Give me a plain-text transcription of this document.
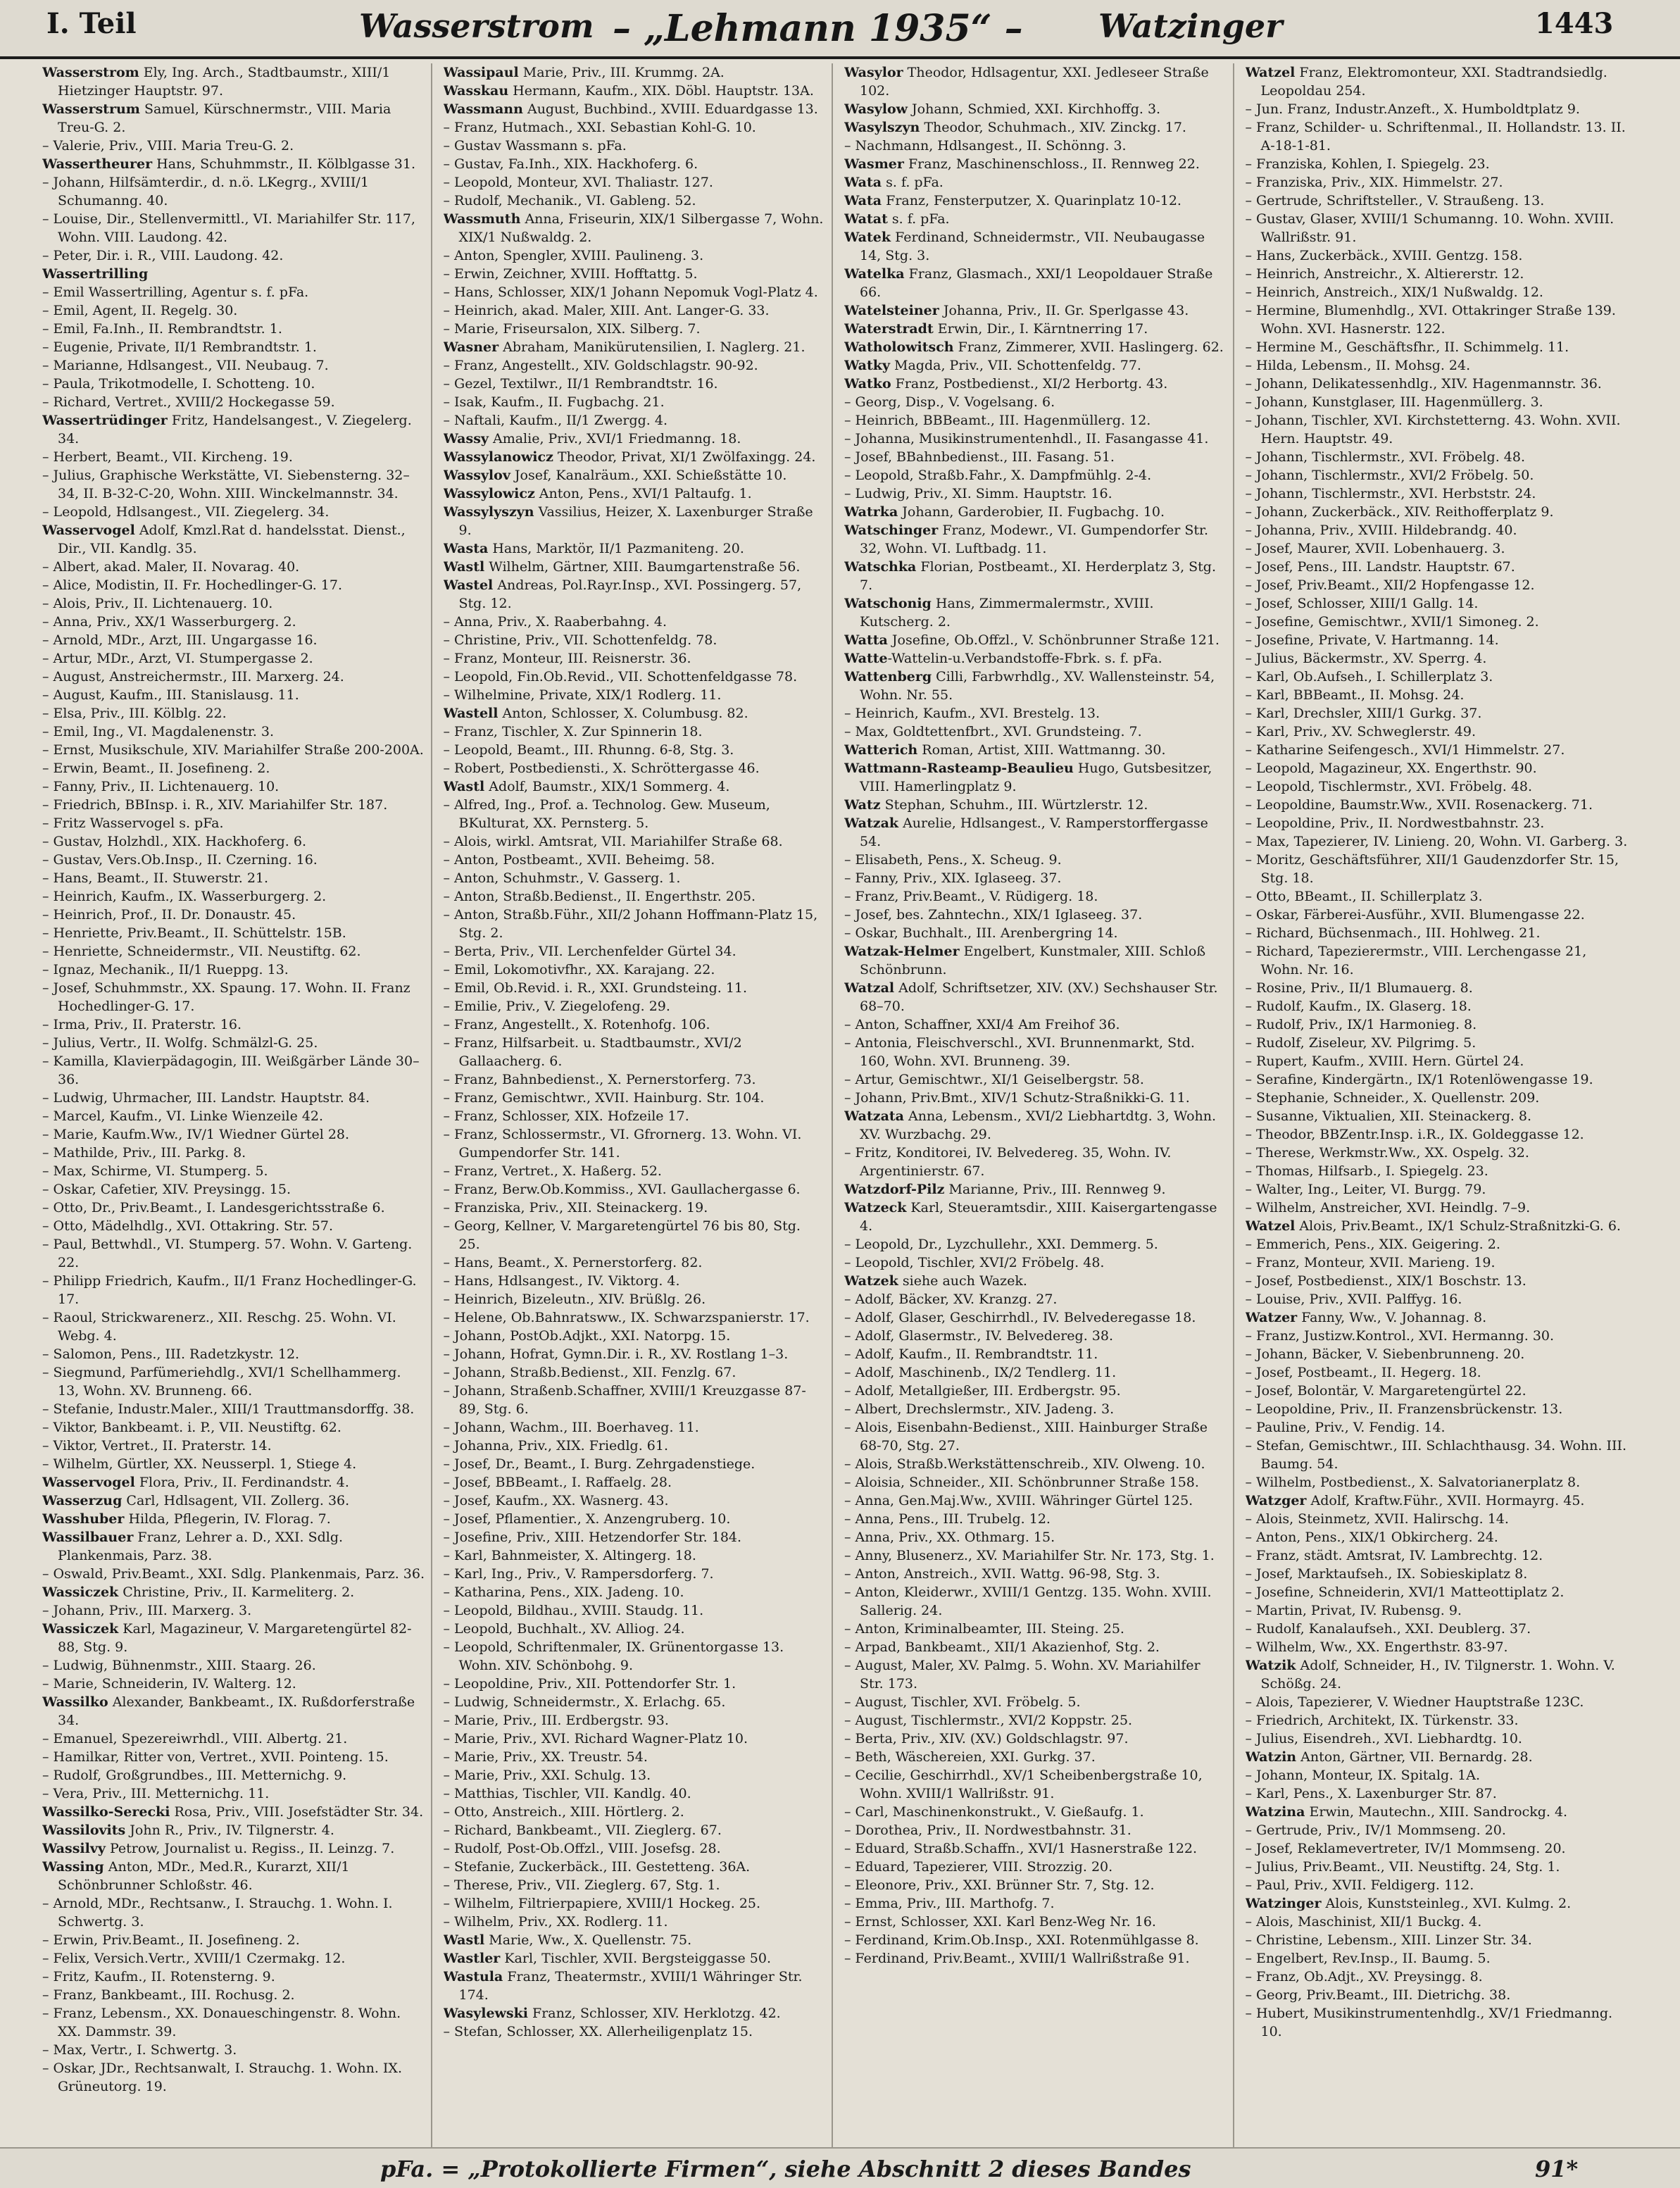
I. Teil	Wasserstrom – „Lehmann 1935“ – Watzinger	1443

Wasserstrom Ely, Ing. Arch., Stadtbaumstr., XIII/1 Hietzinger Hauptstr. 97.

Wasserstrum Samuel, Kürschnermstr., VIII. Maria Treu-G. 2.

– Valerie, Priv., VIII. Maria Treu-G. 2.

Wassertheurer Hans, Schuhmmstr., II. Kölblgasse 31.

– Johann, Hilfsämterdir., d. n.ö. LKegrg., XVIII/1 Schumanng. 40.

– Louise, Dir., Stellenvermittl., VI. Mariahilfer Str. 117, Wohn. VIII. Laudong. 42.

– Peter, Dir. i. R., VIII. Laudong. 42.

Wassertrilling

– Emil Wassertrilling, Agentur s. f. pFa.

– Emil, Agent, II. Regelg. 30.

– Emil, Fa.Inh., II. Rembrandtstr. 1.

– Eugenie, Private, II/1 Rembrandtstr. 1.

– Marianne, Hdlsangest., VII. Neubaug. 7.

– Paula, Trikotmodelle, I. Schotteng. 10.

– Richard, Vertret., XVIII/2 Hockegasse 59.

Wassertrüdinger Fritz, Handelsangest., V. Ziegelerg. 34.

– Herbert, Beamt., VII. Kircheng. 19.

– Julius, Graphische Werkstätte, VI. Siebensterng. 32–34, II. B-32-C-20, Wohn. XIII. Winckelmannstr. 34.

– Leopold, Hdlsangest., VII. Ziegelerg. 34.

Wasservogel Adolf, Kmzl.Rat d. handelsstat. Dienst., Dir., VII. Kandlg. 35.

– Albert, akad. Maler, II. Novarag. 40.

– Alice, Modistin, II. Fr. Hochedlinger-G. 17.

– Alois, Priv., II. Lichtenauerg. 10.

– Anna, Priv., XX/1 Wasserburgerg. 2.

– Arnold, MDr., Arzt, III. Ungargasse 16.

– Artur, MDr., Arzt, VI. Stumpergasse 2.

– August, Anstreichermstr., III. Marxerg. 24.

– August, Kaufm., III. Stanislausg. 11.

– Elsa, Priv., III. Kölblg. 22.

– Emil, Ing., VI. Magdalenenstr. 3.

– Ernst, Musikschule, XIV. Mariahilfer Straße 200-200A.

– Erwin, Beamt., II. Josefineng. 2.

– Fanny, Priv., II. Lichtenauerg. 10.

– Friedrich, BBInsp. i. R., XIV. Mariahilfer Str. 187.

– Fritz Wasservogel s. pFa.

– Gustav, Holzhdl., XIX. Hackhoferg. 6.

– Gustav, Vers.Ob.Insp., II. Czerning. 16.

– Hans, Beamt., II. Stuwerstr. 21.

– Heinrich, Kaufm., IX. Wasserburgerg. 2.

– Heinrich, Prof., II. Dr. Donaustr. 45.

– Henriette, Priv.Beamt., II. Schüttelstr. 15B.

– Henriette, Schneidermstr., VII. Neustiftg. 62.

– Ignaz, Mechanik., II/1 Rueppg. 13.

– Josef, Schuhmmstr., XX. Spaung. 17. Wohn. II. Franz Hochedlinger-G. 17.

– Irma, Priv., II. Praterstr. 16.

– Julius, Vertr., II. Wolfg. Schmälzl-G. 25.

– Kamilla, Klavierpädagogin, III. Weißgärber Lände 30–36.

– Ludwig, Uhrmacher, III. Landstr. Hauptstr. 84.

– Marcel, Kaufm., VI. Linke Wienzeile 42.

– Marie, Kaufm.Ww., IV/1 Wiedner Gürtel 28.

– Mathilde, Priv., III. Parkg. 8.

– Max, Schirme, VI. Stumperg. 5.

– Oskar, Cafetier, XIV. Preysingg. 15.

– Otto, Dr., Priv.Beamt., I. Landesgerichtsstraße 6.

– Otto, Mädelhdlg., XVI. Ottakring. Str. 57.

– Paul, Bettwhdl., VI. Stumperg. 57. Wohn. V. Garteng. 22.

– Philipp Friedrich, Kaufm., II/1 Franz Hochedlinger-G. 17.

– Raoul, Strickwarenerz., XII. Reschg. 25. Wohn. VI. Webg. 4.

– Salomon, Pens., III. Radetzkystr. 12.

– Siegmund, Parfümeriehdlg., XVI/1 Schellhammerg. 13, Wohn. XV. Brunneng. 66.

– Stefanie, Industr.Maler., XIII/1 Trauttmansdorffg. 38.

– Viktor, Bankbeamt. i. P., VII. Neustiftg. 62.

– Viktor, Vertret., II. Praterstr. 14.

– Wilhelm, Gürtler, XX. Neusserpl. 1, Stiege 4.

Wasservogel Flora, Priv., II. Ferdinandstr. 4.

Wasserzug Carl, Hdlsagent, VII. Zollerg. 36.

Wasshuber Hilda, Pflegerin, IV. Florag. 7.

Wassilbauer Franz, Lehrer a. D., XXI. Sdlg. Plankenmais, Parz. 38.

– Oswald, Priv.Beamt., XXI. Sdlg. Plankenmais, Parz. 36.

Wassiczek Christine, Priv., II. Karmeliterg. 2.

– Johann, Priv., III. Marxerg. 3.

Wassiczek Karl, Magazineur, V. Margaretengürtel 82-88, Stg. 9.

– Ludwig, Bühnenmstr., XIII. Staarg. 26.

– Marie, Schneiderin, IV. Walterg. 12.

Wassilko Alexander, Bankbeamt., IX. Rußdorferstraße 34.

– Emanuel, Spezereiwrhdl., VIII. Albertg. 21.

– Hamilkar, Ritter von, Vertret., XVII. Pointeng. 15.

– Rudolf, Großgrundbes., III. Metternichg. 9.

– Vera, Priv., III. Metternichg. 11.

Wassilko-Serecki Rosa, Priv., VIII. Josefstädter Str. 34.

Wassilovits John R., Priv., IV. Tilgnerstr. 4.

Wassilvy Petrow, Journalist u. Regiss., II. Leinzg. 7.

Wassing Anton, MDr., Med.R., Kurarzt, XII/1 Schönbrunner Schloßstr. 46.

– Arnold, MDr., Rechtsanw., I. Strauchg. 1. Wohn. I. Schwertg. 3.

– Erwin, Priv.Beamt., II. Josefineng. 2.

– Felix, Versich.Vertr., XVIII/1 Czermakg. 12.

– Fritz, Kaufm., II. Rotensterng. 9.

– Franz, Bankbeamt., III. Rochusg. 2.

– Franz, Lebensm., XX. Donaueschingenstr. 8. Wohn. XX. Dammstr. 39.

– Max, Vertr., I. Schwertg. 3.

– Oskar, JDr., Rechtsanwalt, I. Strauchg. 1. Wohn. IX. Grüneutorg. 19.

Wassipaul Marie, Priv., III. Krummg. 2A.

Wasskau Hermann, Kaufm., XIX. Döbl. Hauptstr. 13A.

Wassmann August, Buchbind., XVIII. Eduardgasse 13.

– Franz, Hutmach., XXI. Sebastian Kohl-G. 10.

– Gustav Wassmann s. pFa.

– Gustav, Fa.Inh., XIX. Hackhoferg. 6.

– Leopold, Monteur, XVI. Thaliastr. 127.

– Rudolf, Mechanik., VI. Gableng. 52.

Wassmuth Anna, Friseurin, XIX/1 Silbergasse 7, Wohn. XIX/1 Nußwaldg. 2.

– Anton, Spengler, XVIII. Paulineng. 3.

– Erwin, Zeichner, XVIII. Hofftattg. 5.

– Hans, Schlosser, XIX/1 Johann Nepomuk Vogl-Platz 4.

– Heinrich, akad. Maler, XIII. Ant. Langer-G. 33.

– Marie, Friseursalon, XIX. Silberg. 7.

Wasner Abraham, Manikürutensilien, I. Naglerg. 21.

– Franz, Angestellt., XIV. Goldschlagstr. 90-92.

– Gezel, Textilwr., II/1 Rembrandtstr. 16.

– Isak, Kaufm., II. Fugbachg. 21.

– Naftali, Kaufm., II/1 Zwergg. 4.

Wassy Amalie, Priv., XVI/1 Friedmanng. 18.

Wassylanowicz Theodor, Privat, XI/1 Zwölfaxingg. 24.

Wassylov Josef, Kanalräum., XXI. Schießstätte 10.

Wassylowicz Anton, Pens., XVI/1 Paltaufg. 1.

Wassylyszyn Vassilius, Heizer, X. Laxenburger Straße 9.

Wasta Hans, Marktör, II/1 Pazmaniteng. 20.

Wastl Wilhelm, Gärtner, XIII. Baumgartenstraße 56.

Wastel Andreas, Pol.Rayr.Insp., XVI. Possingerg. 57, Stg. 12.

– Anna, Priv., X. Raaberbahng. 4.

– Christine, Priv., VII. Schottenfeldg. 78.

– Franz, Monteur, III. Reisnerstr. 36.

– Leopold, Fin.Ob.Revid., VII. Schottenfeldgasse 78.

– Wilhelmine, Private, XIX/1 Rodlerg. 11.

Wastell Anton, Schlosser, X. Columbusg. 82.

– Franz, Tischler, X. Zur Spinnerin 18.

– Leopold, Beamt., III. Rhunng. 6-8, Stg. 3.

– Robert, Postbediensti., X. Schröttergasse 46.

Wastl Adolf, Baumstr., XIX/1 Sommerg. 4.

– Alfred, Ing., Prof. a. Technolog. Gew. Museum, BKulturat, XX. Pernsterg. 5.

– Alois, wirkl. Amtsrat, VII. Mariahilfer Straße 68.

– Anton, Postbeamt., XVII. Beheimg. 58.

– Anton, Schuhmstr., V. Gasserg. 1.

– Anton, Straßb.Bedienst., II. Engerthstr. 205.

– Anton, Straßb.Führ., XII/2 Johann Hoffmann-Platz 15, Stg. 2.

– Berta, Priv., VII. Lerchenfelder Gürtel 34.

– Emil, Lokomotivfhr., XX. Karajang. 22.

– Emil, Ob.Revid. i. R., XXI. Grundsteing. 11.

– Emilie, Priv., V. Ziegelofeng. 29.

– Franz, Angestellt., X. Rotenhofg. 106.

– Franz, Hilfsarbeit. u. Stadtbaumstr., XVI/2 Gallaacherg. 6.

– Franz, Bahnbedienst., X. Pernerstorferg. 73.

– Franz, Gemischtwr., XVII. Hainburg. Str. 104.

– Franz, Schlosser, XIX. Hofzeile 17.

– Franz, Schlossermstr., VI. Gfrornerg. 13. Wohn. VI. Gumpendorfer Str. 141.

– Franz, Vertret., X. Haßerg. 52.

– Franz, Berw.Ob.Kommiss., XVI. Gaullachergasse 6.

– Franziska, Priv., XII. Steinackerg. 19.

– Georg, Kellner, V. Margaretengürtel 76 bis 80, Stg. 25.

– Hans, Beamt., X. Pernerstorferg. 82.

– Hans, Hdlsangest., IV. Viktorg. 4.

– Heinrich, Bizeleutn., XIV. Brüßlg. 26.

– Helene, Ob.Bahnratsww., IX. Schwarzspanierstr. 17.

– Johann, PostOb.Adjkt., XXI. Natorpg. 15.

– Johann, Hofrat, Gymn.Dir. i. R., XV. Rostlang 1–3.

– Johann, Straßb.Bedienst., XII. Fenzlg. 67.

– Johann, Straßenb.Schaffner, XVIII/1 Kreuzgasse 87-89, Stg. 6.

– Johann, Wachm., III. Boerhaveg. 11.

– Johanna, Priv., XIX. Friedlg. 61.

– Josef, Dr., Beamt., I. Burg. Zehrgadenstiege.

– Josef, BBBeamt., I. Raffaelg. 28.

– Josef, Kaufm., XX. Wasnerg. 43.

– Josef, Pflamentier., X. Anzengruberg. 10.

– Josefine, Priv., XIII. Hetzendorfer Str. 184.

– Karl, Bahnmeister, X. Altingerg. 18.

– Karl, Ing., Priv., V. Rampersdorferg. 7.

– Katharina, Pens., XIX. Jadeng. 10.

– Leopold, Bildhau., XVIII. Staudg. 11.

– Leopold, Buchhalt., XV. Alliog. 24.

– Leopold, Schriftenmaler, IX. Grünentorgasse 13. Wohn. XIV. Schönbohg. 9.

– Leopoldine, Priv., XII. Pottendorfer Str. 1.

– Ludwig, Schneidermstr., X. Erlachg. 65.

– Marie, Priv., III. Erdbergstr. 93.

– Marie, Priv., XVI. Richard Wagner-Platz 10.

– Marie, Priv., XX. Treustr. 54.

– Marie, Priv., XXI. Schulg. 13.

– Matthias, Tischler, VII. Kandlg. 40.

– Otto, Anstreich., XIII. Hörtlerg. 2.

– Richard, Bankbeamt., VII. Zieglerg. 67.

– Rudolf, Post-Ob.Offzl., VIII. Josefsg. 28.

– Stefanie, Zuckerbäck., III. Gestetteng. 36A.

– Therese, Priv., VII. Zieglerg. 67, Stg. 1.

– Wilhelm, Filtrierpapiere, XVIII/1 Hockeg. 25.

– Wilhelm, Priv., XX. Rodlerg. 11.

Wastl Marie, Ww., X. Quellenstr. 75.

Wastler Karl, Tischler, XVII. Bergsteiggasse 50.

Wastula Franz, Theatermstr., XVIII/1 Währinger Str. 174.

Wasylewski Franz, Schlosser, XIV. Herklotzg. 42.

– Stefan, Schlosser, XX. Allerheiligenplatz 15.

Wasylor Theodor, Hdlsagentur, XXI. Jedleseer Straße 102.

Wasylow Johann, Schmied, XXI. Kirchhoffg. 3.

Wasylszyn Theodor, Schuhmach., XIV. Zinckg. 17.

– Nachmann, Hdlsangest., II. Schönng. 3.

Wasmer Franz, Maschinenschloss., II. Rennweg 22.

Wata s. f. pFa.

Wata Franz, Fensterputzer, X. Quarinplatz 10-12.

Watat s. f. pFa.

Watek Ferdinand, Schneidermstr., VII. Neubaugasse 14, Stg. 3.

Watelka Franz, Glasmach., XXI/1 Leopoldauer Straße 66.

Watelsteiner Johanna, Priv., II. Gr. Sperlgasse 43.

Waterstradt Erwin, Dir., I. Kärntnerring 17.

Watholowitsch Franz, Zimmerer, XVII. Haslingerg. 62.

Watky Magda, Priv., VII. Schottenfeldg. 77.

Watko Franz, Postbedienst., XI/2 Herbortg. 43.

– Georg, Disp., V. Vogelsang. 6.

– Heinrich, BBBeamt., III. Hagenmüllerg. 12.

– Johanna, Musikinstrumentenhdl., II. Fasangasse 41.

– Josef, BBahnbedienst., III. Fasang. 51.

– Leopold, Straßb.Fahr., X. Dampfmühlg. 2-4.

– Ludwig, Priv., XI. Simm. Hauptstr. 16.

Watrka Johann, Garderobier, II. Fugbachg. 10.

Watschinger Franz, Modewr., VI. Gumpendorfer Str. 32, Wohn. VI. Luftbadg. 11.

Watschka Florian, Postbeamt., XI. Herderplatz 3, Stg. 7.

Watschonig Hans, Zimmermalermstr., XVIII. Kutscherg. 2.

Watta Josefine, Ob.Offzl., V. Schönbrunner Straße 121.

Watte-Wattelin-u.Verbandstoffe-Fbrk. s. f. pFa.

Wattenberg Cilli, Farbwrhdlg., XV. Wallensteinstr. 54, Wohn. Nr. 55.

– Heinrich, Kaufm., XVI. Brestelg. 13.

– Max, Goldtettenfbrt., XVI. Grundsteing. 7.

Watterich Roman, Artist, XIII. Wattmanng. 30.

Wattmann-Rasteamp-Beaulieu Hugo, Gutsbesitzer, VIII. Hamerlingplatz 9.

Watz Stephan, Schuhm., III. Würtzlerstr. 12.

Watzak Aurelie, Hdlsangest., V. Ramperstorffergasse 54.

– Elisabeth, Pens., X. Scheug. 9.

– Fanny, Priv., XIX. Iglaseeg. 37.

– Franz, Priv.Beamt., V. Rüdigerg. 18.

– Josef, bes. Zahntechn., XIX/1 Iglaseeg. 37.

– Oskar, Buchhalt., III. Arenbergring 14.

Watzak-Helmer Engelbert, Kunstmaler, XIII. Schloß Schönbrunn.

Watzal Adolf, Schriftsetzer, XIV. (XV.) Sechshauser Str. 68–70.

– Anton, Schaffner, XXI/4 Am Freihof 36.

– Antonia, Fleischverschl., XVI. Brunnenmarkt, Std. 160, Wohn. XVI. Brunneng. 39.

– Artur, Gemischtwr., XI/1 Geiselbergstr. 58.

– Johann, Priv.Bmt., XIV/1 Schutz-Straßnikki-G. 11.

Watzata Anna, Lebensm., XVI/2 Liebhartdtg. 3, Wohn. XV. Wurzbachg. 29.

– Fritz, Konditorei, IV. Belvedereg. 35, Wohn. IV. Argentinierstr. 67.

Watzdorf-Pilz Marianne, Priv., III. Rennweg 9.

Watzeck Karl, Steueramtsdir., XIII. Kaisergartengasse 4.

– Leopold, Dr., Lyzchullehr., XXI. Demmerg. 5.

– Leopold, Tischler, XVI/2 Fröbelg. 48.

Watzek siehe auch Wazek.

– Adolf, Bäcker, XV. Kranzg. 27.

– Adolf, Glaser, Geschirrhdl., IV. Belvederegasse 18.

– Adolf, Glasermstr., IV. Belvedereg. 38.

– Adolf, Kaufm., II. Rembrandtstr. 11.

– Adolf, Maschinenb., IX/2 Tendlerg. 11.

– Adolf, Metallgießer, III. Erdbergstr. 95.

– Albert, Drechslermstr., XIV. Jadeng. 3.

– Alois, Eisenbahn-Bedienst., XIII. Hainburger Straße 68-70, Stg. 27.

– Alois, Straßb.Werkstättenschreib., XIV. Olweng. 10.

– Aloisia, Schneider., XII. Schönbrunner Straße 158.

– Anna, Gen.Maj.Ww., XVIII. Währinger Gürtel 125.

– Anna, Pens., III. Trubelg. 12.

– Anna, Priv., XX. Othmarg. 15.

– Anny, Blusenerz., XV. Mariahilfer Str. Nr. 173, Stg. 1.

– Anton, Anstreich., XVII. Wattg. 96-98, Stg. 3.

– Anton, Kleiderwr., XVIII/1 Gentzg. 135. Wohn. XVIII. Sallerig. 24.

– Anton, Kriminalbeamter, III. Steing. 25.

– Arpad, Bankbeamt., XII/1 Akazienhof, Stg. 2.

– August, Maler, XV. Palmg. 5. Wohn. XV. Mariahilfer Str. 173.

– August, Tischler, XVI. Fröbelg. 5.

– August, Tischlermstr., XVI/2 Koppstr. 25.

– Berta, Priv., XIV. (XV.) Goldschlagstr. 97.

– Beth, Wäschereien, XXI. Gurkg. 37.

– Cecilie, Geschirrhdl., XV/1 Scheibenbergstraße 10, Wohn. XVIII/1 Wallrißstr. 91.

– Carl, Maschinenkonstrukt., V. Gießaufg. 1.

– Dorothea, Priv., II. Nordwestbahnstr. 31.

– Eduard, Straßb.Schaffn., XVI/1 Hasnerstraße 122.

– Eduard, Tapezierer, VIII. Strozzig. 20.

– Eleonore, Priv., XXI. Brünner Str. 7, Stg. 12.

– Emma, Priv., III. Marthofg. 7.

– Ernst, Schlosser, XXI. Karl Benz-Weg Nr. 16.

– Ferdinand, Krim.Ob.Insp., XXI. Rotenmühlgasse 8.

– Ferdinand, Priv.Beamt., XVIII/1 Wallrißstraße 91.

Watzel Franz, Elektromonteur, XXI. Stadtrandsiedlg. Leopoldau 254.

– Jun. Franz, Industr.Anzeft., X. Humboldtplatz 9.

– Franz, Schilder- u. Schriftenmal., II. Hollandstr. 13. II. A-18-1-81.

– Franziska, Kohlen, I. Spiegelg. 23.

– Franziska, Priv., XIX. Himmelstr. 27.

– Gertrude, Schriftsteller., V. Straußeng. 13.

– Gustav, Glaser, XVIII/1 Schumanng. 10. Wohn. XVIII. Wallrißstr. 91.

– Hans, Zuckerbäck., XVIII. Gentzg. 158.

– Heinrich, Anstreichr., X. Altiererstr. 12.

– Heinrich, Anstreich., XIX/1 Nußwaldg. 12.

– Hermine, Blumenhdlg., XVI. Ottakringer Straße 139. Wohn. XVI. Hasnerstr. 122.

– Hermine M., Geschäftsfhr., II. Schimmelg. 11.

– Hilda, Lebensm., II. Mohsg. 24.

– Johann, Delikatessenhdlg., XIV. Hagenmannstr. 36.

– Johann, Kunstglaser, III. Hagenmüllerg. 3.

– Johann, Tischler, XVI. Kirchstetterng. 43. Wohn. XVII. Hern. Hauptstr. 49.

– Johann, Tischlermstr., XVI. Fröbelg. 48.

– Johann, Tischlermstr., XVI/2 Fröbelg. 50.

– Johann, Tischlermstr., XVI. Herbststr. 24.

– Johann, Zuckerbäck., XIV. Reithofferplatz 9.

– Johanna, Priv., XVIII. Hildebrandg. 40.

– Josef, Maurer, XVII. Lobenhauerg. 3.

– Josef, Pens., III. Landstr. Hauptstr. 67.

– Josef, Priv.Beamt., XII/2 Hopfengasse 12.

– Josef, Schlosser, XIII/1 Gallg. 14.

– Josefine, Gemischtwr., XVII/1 Simoneg. 2.

– Josefine, Private, V. Hartmanng. 14.

– Julius, Bäckermstr., XV. Sperrg. 4.

– Karl, Ob.Aufseh., I. Schillerplatz 3.

– Karl, BBBeamt., II. Mohsg. 24.

– Karl, Drechsler, XIII/1 Gurkg. 37.

– Karl, Priv., XV. Schweglerstr. 49.

– Katharine Seifengesch., XVI/1 Himmelstr. 27.

– Leopold, Magazineur, XX. Engerthstr. 90.

– Leopold, Tischlermstr., XVI. Fröbelg. 48.

– Leopoldine, Baumstr.Ww., XVII. Rosenackerg. 71.

– Leopoldine, Priv., II. Nordwestbahnstr. 23.

– Max, Tapezierer, IV. Linieng. 20, Wohn. VI. Garberg. 3.

– Moritz, Geschäftsführer, XII/1 Gaudenzdorfer Str. 15, Stg. 18.

– Otto, BBeamt., II. Schillerplatz 3.

– Oskar, Färberei-Ausführ., XVII. Blumengasse 22.

– Richard, Büchsenmach., III. Hohlweg. 21.

– Richard, Tapezierermstr., VIII. Lerchengasse 21, Wohn. Nr. 16.

– Rosine, Priv., II/1 Blumauerg. 8.

– Rudolf, Kaufm., IX. Glaserg. 18.

– Rudolf, Priv., IX/1 Harmonieg. 8.

– Rudolf, Ziseleur, XV. Pilgrimg. 5.

– Rupert, Kaufm., XVIII. Hern. Gürtel 24.

– Serafine, Kindergärtn., IX/1 Rotenlöwengasse 19.

– Stephanie, Schneider., X. Quellenstr. 209.

– Susanne, Viktualien, XII. Steinackerg. 8.

– Theodor, BBZentr.Insp. i.R., IX. Goldeggasse 12.

– Therese, Werkmstr.Ww., XX. Ospelg. 32.

– Thomas, Hilfsarb., I. Spiegelg. 23.

– Walter, Ing., Leiter, VI. Burgg. 79.

– Wilhelm, Anstreicher, XVI. Heindlg. 7–9.

Watzel Alois, Priv.Beamt., IX/1 Schulz-Straßnitzki-G. 6.

– Emmerich, Pens., XIX. Geigering. 2.

– Franz, Monteur, XVII. Marieng. 19.

– Josef, Postbedienst., XIX/1 Boschstr. 13.

– Louise, Priv., XVII. Palffyg. 16.

Watzer Fanny, Ww., V. Johannag. 8.

– Franz, Justizw.Kontrol., XVI. Hermanng. 30.

– Johann, Bäcker, V. Siebenbrunneng. 20.

– Josef, Postbeamt., II. Hegerg. 18.

– Josef, Bolontär, V. Margaretengürtel 22.

– Leopoldine, Priv., II. Franzensbrückenstr. 13.

– Pauline, Priv., V. Fendig. 14.

– Stefan, Gemischtwr., III. Schlachthausg. 34. Wohn. III. Baumg. 54.

– Wilhelm, Postbedienst., X. Salvatorianerplatz 8.

Watzger Adolf, Kraftw.Führ., XVII. Hormayrg. 45.

– Alois, Steinmetz, XVII. Halirschg. 14.

– Anton, Pens., XIX/1 Obkircherg. 24.

– Franz, städt. Amtsrat, IV. Lambrechtg. 12.

– Josef, Marktaufseh., IX. Sobieskiplatz 8.

– Josefine, Schneiderin, XVI/1 Matteottiplatz 2.

– Martin, Privat, IV. Rubensg. 9.

– Rudolf, Kanalaufseh., XXI. Deublerg. 37.

– Wilhelm, Ww., XX. Engerthstr. 83-97.

Watzik Adolf, Schneider, H., IV. Tilgnerstr. 1. Wohn. V. Schößg. 24.

– Alois, Tapezierer, V. Wiedner Hauptstraße 123C.

– Friedrich, Architekt, IX. Türkenstr. 33.

– Julius, Eisendreh., XVI. Liebhardtg. 10.

Watzin Anton, Gärtner, VII. Bernardg. 28.

– Johann, Monteur, IX. Spitalg. 1A.

– Karl, Pens., X. Laxenburger Str. 87.

Watzina Erwin, Mautechn., XIII. Sandrockg. 4.

– Gertrude, Priv., IV/1 Mommseng. 20.

– Josef, Reklamevertreter, IV/1 Mommseng. 20.

– Julius, Priv.Beamt., VII. Neustiftg. 24, Stg. 1.

– Paul, Priv., XVII. Feldigerg. 112.

Watzinger Alois, Kunststeinleg., XVI. Kulmg. 2.

– Alois, Maschinist, XII/1 Buckg. 4.

– Christine, Lebensm., XIII. Linzer Str. 34.

– Engelbert, Rev.Insp., II. Baumg. 5.

– Franz, Ob.Adjt., XV. Preysingg. 8.

– Georg, Priv.Beamt., III. Dietrichg. 38.

– Hubert, Musikinstrumentenhdlg., XV/1 Friedmanng. 10.

pFa. = „Protokollierte Firmen“, siehe Abschnitt 2 dieses Bandes	91*
